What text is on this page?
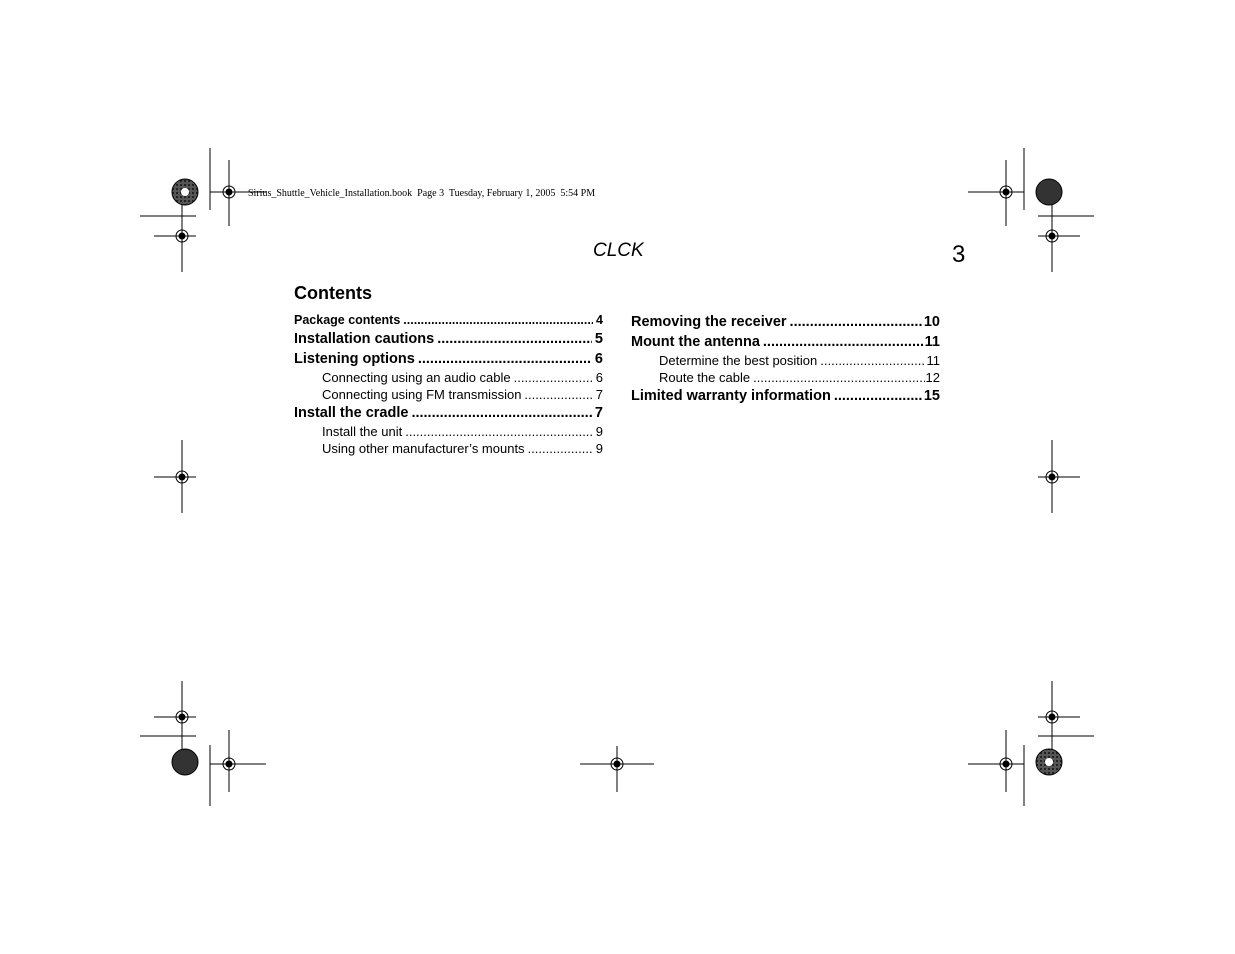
Sirius_Shuttle_Vehicle_Installation.book  Page 3  Tuesday, February 1, 2005  5:54 PM
CLCK	3
Contents
Package contents .....	4
Installation cautions .....	5
Listening options .....	6
Connecting using an audio cable .....	6
Connecting using FM transmission .....	7
Install the cradle .....	7
Install the unit .....	9
Using other manufacturer’s mounts .....	9
Removing the receiver .....	10
Mount the antenna .....	11
Determine the best position .....	11
Route the cable .....	12
Limited warranty information .....	15
